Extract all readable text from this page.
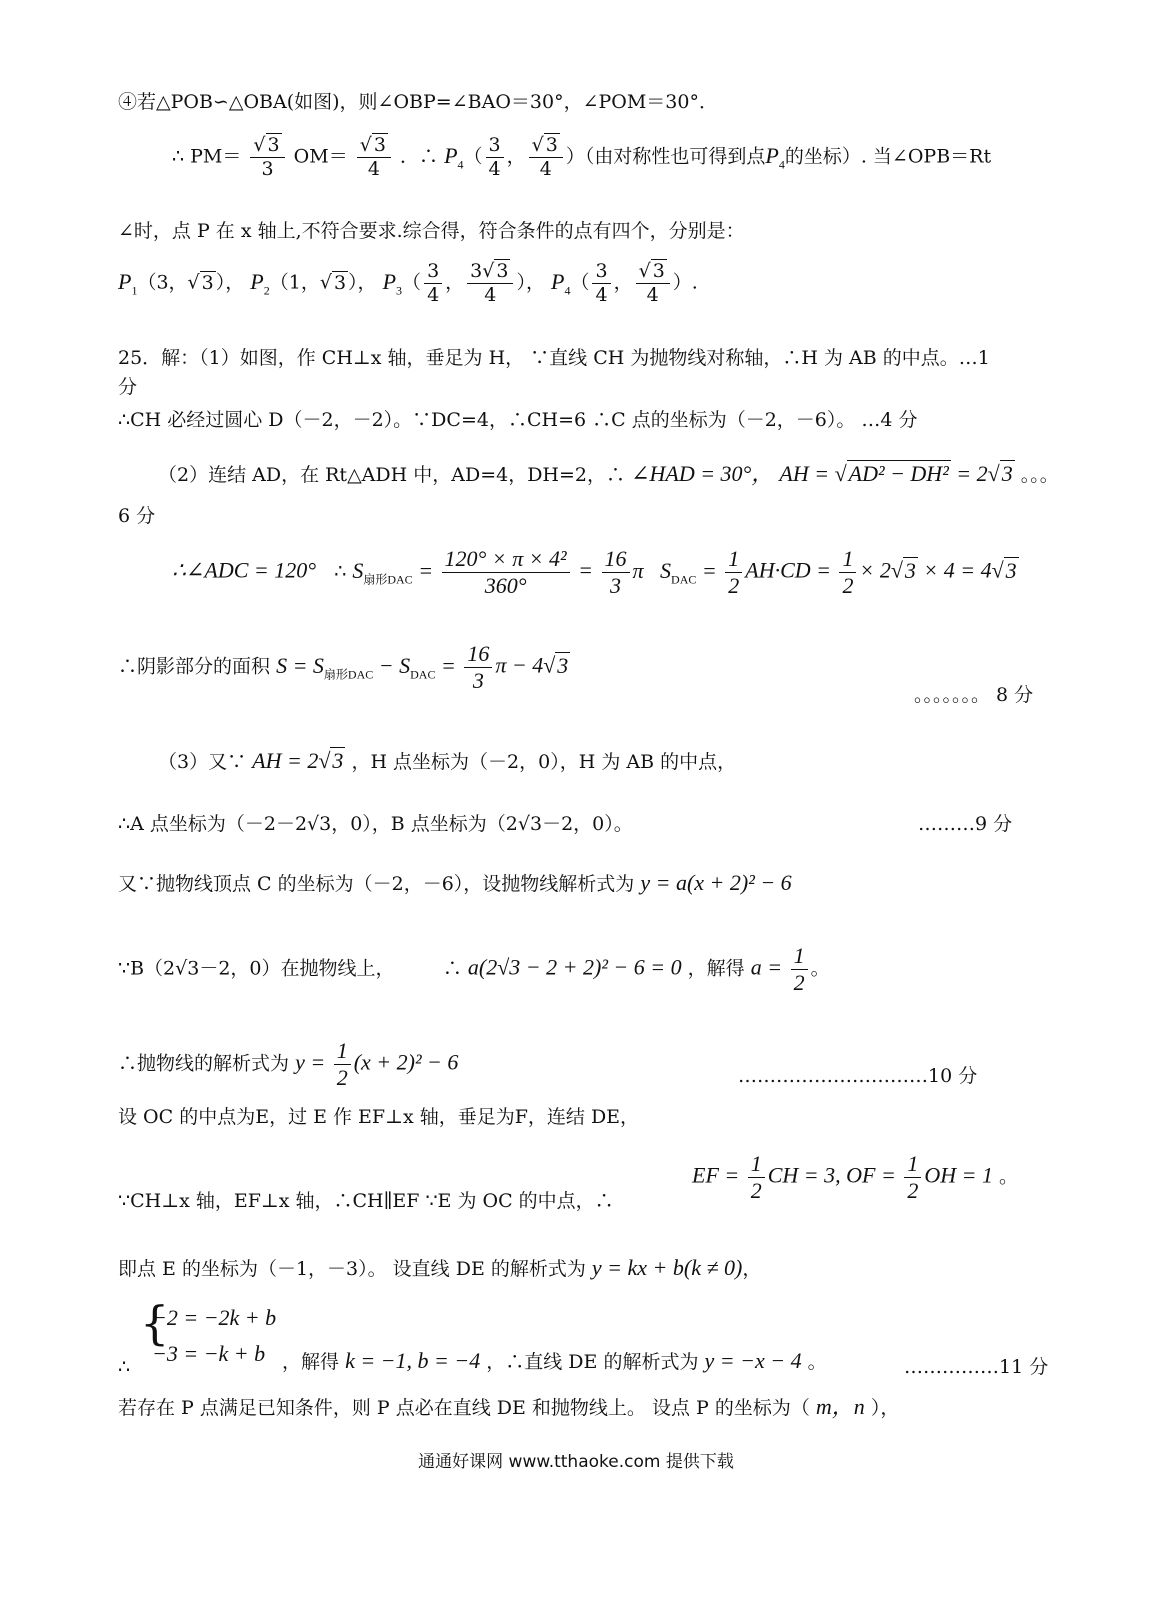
④若△POB∽△OBA(如图)，则∠OBP=∠BAO＝30°，∠POM＝30°．
∴ $PM= \frac{√ 3}{3} OM= \frac{√ 3}{4}$ ．∴ $P_4( \frac{3}{4}$ ， $\frac{√ 3}{4}$ ）（由对称性也可得到点$P_4$的坐标）. 当∠OPB＝Rt
∠时，点 P 在 x 轴上,不符合要求.综合得，符合条件的点有四个，分别是：
$P_1(3$，√ 3 ）， $P_2(1$，√ 3 ）， $P_3( \frac{3}{4}$ ， $\frac{3√ 3}{4}$ ）， $P_4( \frac{3}{4}$ ， $\frac{√ 3}{4}$ ）.
25．解：（1）如图，作 CH⊥x 轴，垂足为 H， ∵直线 CH 为抛物线对称轴，∴H 为 AB 的中点。…1
分
∴CH 必经过圆心 D（－2，－2）。∵DC=4，∴CH=6 ∴C 点的坐标为（－2，－6）。 …4 分
（2）连结 AD，在 Rt△ADH 中，AD=4，DH=2，∴ ∠HAD = 30°， AH = √AD² − DH² = 2√3 。。。
6 分
∴∠ADC = 120° ∴ $S_{扇形DAC} = \frac{\text{120° × π × 4²}}{360^\circ} = \frac{16}{3}$ π   $S_{DAC} = \frac{1}{2} AH\cdot CD = \frac{1}{2} \times 2√3 \times 4 = 4√3$
∴阴影部分的面积 $S = S_{扇形DAC} - S_{DAC} = \frac{16}{3}$ π − 4√3
。。。。。。。 8 分
（3）又∵ AH = 2√3 ，H 点坐标为（－2，0），H 为 AB 的中点，
∴A 点坐标为（－2－2√3，0），B 点坐标为（2√3－2，0）。	………9 分
又∵抛物线顶点 C 的坐标为（－2，－6），设抛物线解析式为 y = a(x + 2)² − 6
∵B（2√3－2，0）在抛物线上，	∴ a(2√3 − 2 + 2)² − 6 = 0 ，解得 $a = \frac{1}{2}$ 。
∴抛物线的解析式为 $y = \frac{1}{2} (x + 2)^2 - 6$
…………………………10 分
设 OC 的中点为E，过 E 作 EF⊥x 轴，垂足为F，连结 DE，
∵CH⊥x 轴，EF⊥x 轴，∴CH∥EF ∵E 为 OC 的中点，∴
EF = $\frac{1}{2}$ CH = 3, OF = $\frac{1}{2}$ OH = 1 。
即点 E 的坐标为（－1，－3）。 设直线 DE 的解析式为 y = kx + b(k ≠ 0)，
{
−2 = −2k + b
−3 = −k + b
∴	，解得 k = −1, b = −4 ，∴直线 DE 的解析式为 y = −x − 4 。	……………11 分
若存在 P 点满足已知条件，则 P 点必在直线 DE 和抛物线上。 设点 P 的坐标为（ m，n ），
通通好课网 www.tthaoke.com 提供下载
